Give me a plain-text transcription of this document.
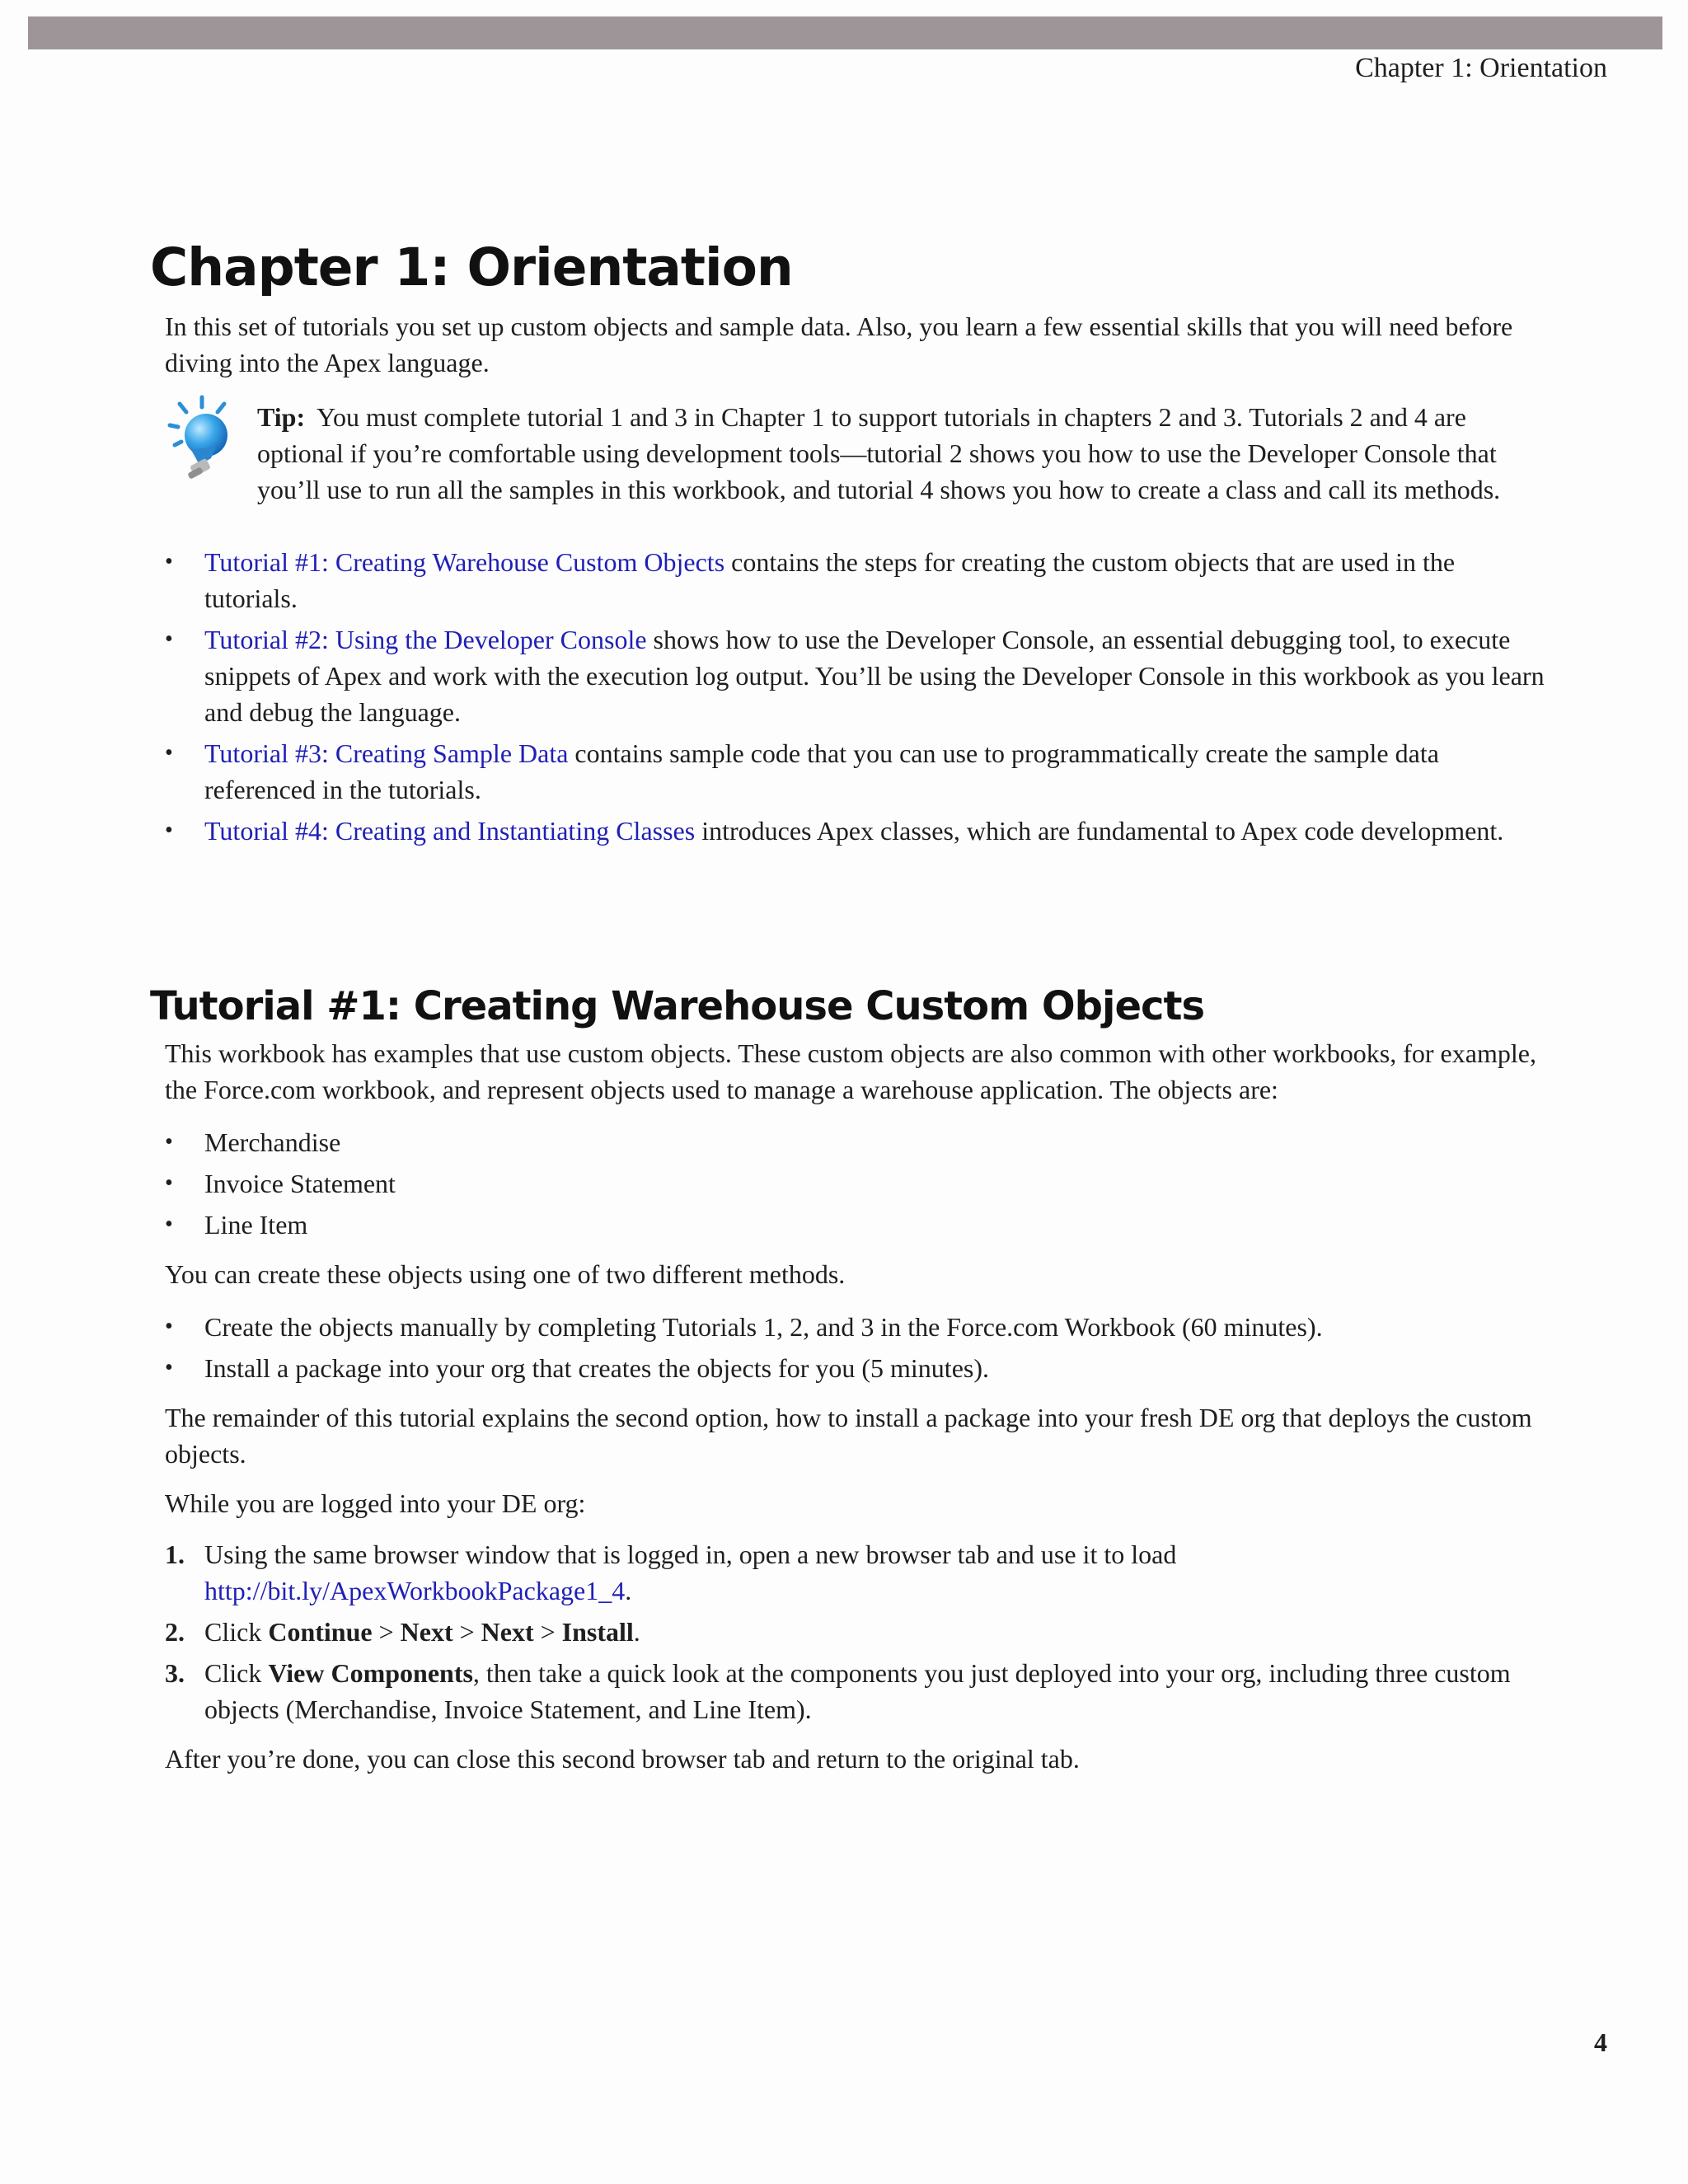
Chapter 1: Orientation
Chapter 1: Orientation

In this set of tutorials you set up custom objects and sample data. Also, you learn a few essential skills that you will need before diving into the Apex language.

Tip: You must complete tutorial 1 and 3 in Chapter 1 to support tutorials in chapters 2 and 3. Tutorials 2 and 4 are optional if you’re comfortable using development tools—tutorial 2 shows you how to use the Developer Console that you’ll use to run all the samples in this workbook, and tutorial 4 shows you how to create a class and call its methods.

• Tutorial #1: Creating Warehouse Custom Objects contains the steps for creating the custom objects that are used in the tutorials.
• Tutorial #2: Using the Developer Console shows how to use the Developer Console, an essential debugging tool, to execute snippets of Apex and work with the execution log output. You’ll be using the Developer Console in this workbook as you learn and debug the language.
• Tutorial #3: Creating Sample Data contains sample code that you can use to programmatically create the sample data referenced in the tutorials.
• Tutorial #4: Creating and Instantiating Classes introduces Apex classes, which are fundamental to Apex code development.
Tutorial #1: Creating Warehouse Custom Objects

This workbook has examples that use custom objects. These custom objects are also common with other workbooks, for example, the Force.com workbook, and represent objects used to manage a warehouse application. The objects are:

• Merchandise
• Invoice Statement
• Line Item

You can create these objects using one of two different methods.

• Create the objects manually by completing Tutorials 1, 2, and 3 in the Force.com Workbook (60 minutes).
• Install a package into your org that creates the objects for you (5 minutes).

The remainder of this tutorial explains the second option, how to install a package into your fresh DE org that deploys the custom objects.

While you are logged into your DE org:

1. Using the same browser window that is logged in, open a new browser tab and use it to load http://bit.ly/ApexWorkbookPackage1_4.
2. Click Continue > Next > Next > Install.
3. Click View Components, then take a quick look at the components you just deployed into your org, including three custom objects (Merchandise, Invoice Statement, and Line Item).

After you’re done, you can close this second browser tab and return to the original tab.

4
